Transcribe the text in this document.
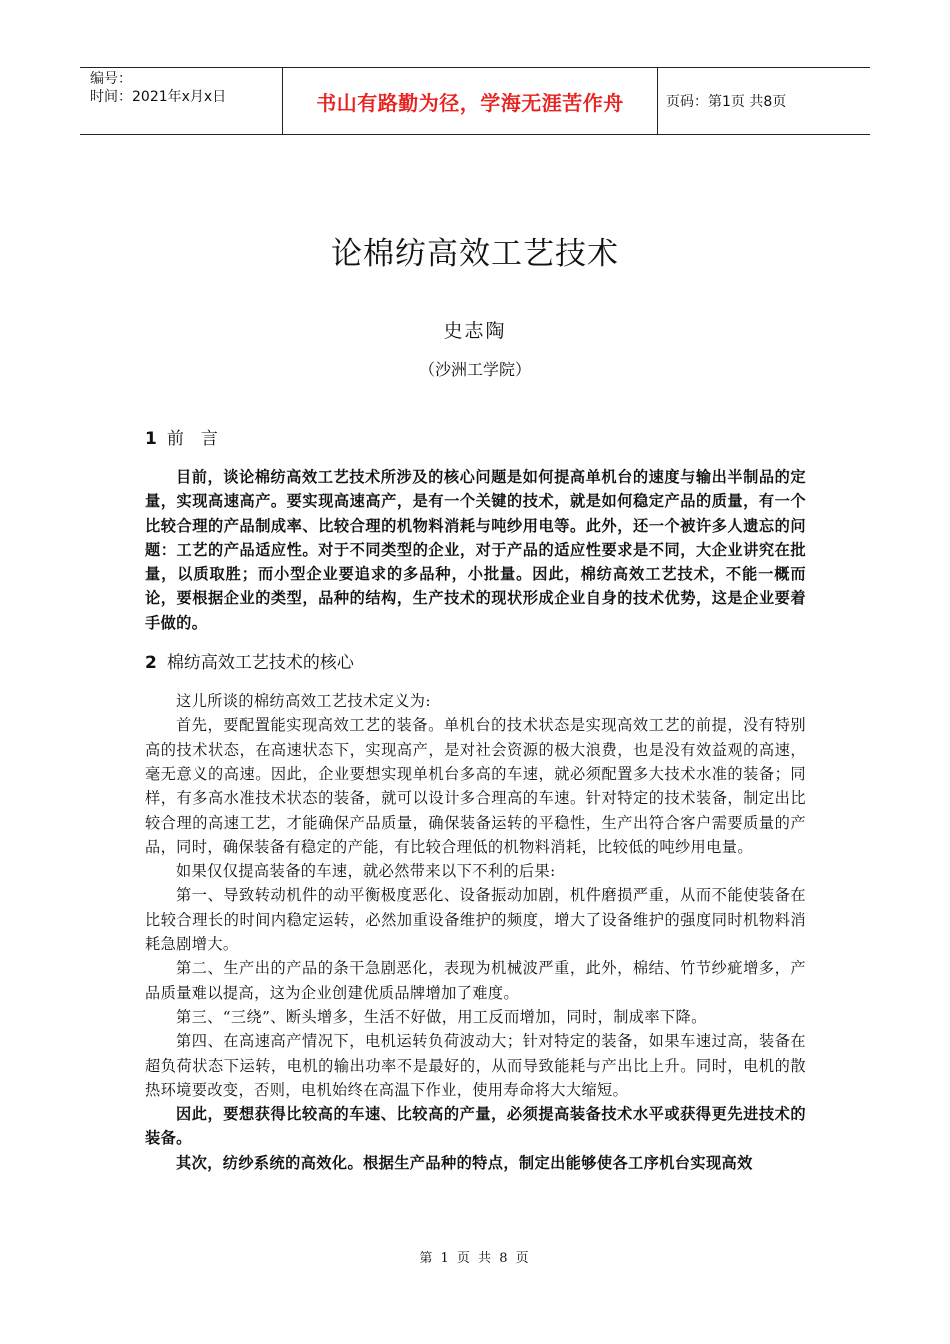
编号：
时间：2021年x月x日	书山有路勤为径，学海无涯苦作舟	页码：第1页 共8页
论棉纺高效工艺技术
史志陶
（沙洲工学院）
1 前　言

目前，谈论棉纺高效工艺技术所涉及的核心问题是如何提高单机台的速度与输出半制品的定量，实现高速高产。要实现高速高产，是有一个关键的技术，就是如何稳定产品的质量，有一个比较合理的产品制成率、比较合理的机物料消耗与吨纱用电等。此外，还一个被许多人遗忘的问题：工艺的产品适应性。对于不同类型的企业，对于产品的适应性要求是不同，大企业讲究在批量，以质取胜；而小型企业要追求的多品种，小批量。因此，棉纺高效工艺技术，不能一概而论，要根据企业的类型，品种的结构，生产技术的现状形成企业自身的技术优势，这是企业要着手做的。

2 棉纺高效工艺技术的核心

这儿所谈的棉纺高效工艺技术定义为:

首先，要配置能实现高效工艺的装备。单机台的技术状态是实现高效工艺的前提，没有特别高的技术状态，在高速状态下，实现高产，是对社会资源的极大浪费，也是没有效益观的高速，毫无意义的高速。因此，企业要想实现单机台多高的车速，就必须配置多大技术水准的装备；同样，有多高水准技术状态的装备，就可以设计多合理高的车速。针对特定的技术装备，制定出比较合理的高速工艺，才能确保产品质量，确保装备运转的平稳性，生产出符合客户需要质量的产品，同时，确保装备有稳定的产能，有比较合理低的机物料消耗，比较低的吨纱用电量。

如果仅仅提高装备的车速，就必然带来以下不利的后果:

第一、导致转动机件的动平衡极度恶化、设备振动加剧，机件磨损严重，从而不能使装备在比较合理长的时间内稳定运转，必然加重设备维护的频度，增大了设备维护的强度同时机物料消耗急剧增大。

第二、生产出的产品的条干急剧恶化，表现为机械波严重，此外，棉结、竹节纱疵增多，产品质量难以提高，这为企业创建优质品牌增加了难度。

第三、“三绕”、断头增多，生活不好做，用工反而增加，同时，制成率下降。

第四、在高速高产情况下，电机运转负荷波动大；针对特定的装备，如果车速过高，装备在超负荷状态下运转，电机的输出功率不是最好的，从而导致能耗与产出比上升。同时，电机的散热环境要改变，否则，电机始终在高温下作业，使用寿命将大大缩短。

因此，要想获得比较高的车速、比较高的产量，必须提高装备技术水平或获得更先进技术的装备。

其次，纺纱系统的高效化。根据生产品种的特点，制定出能够使各工序机台实现高效

第 1 页 共 8 页
